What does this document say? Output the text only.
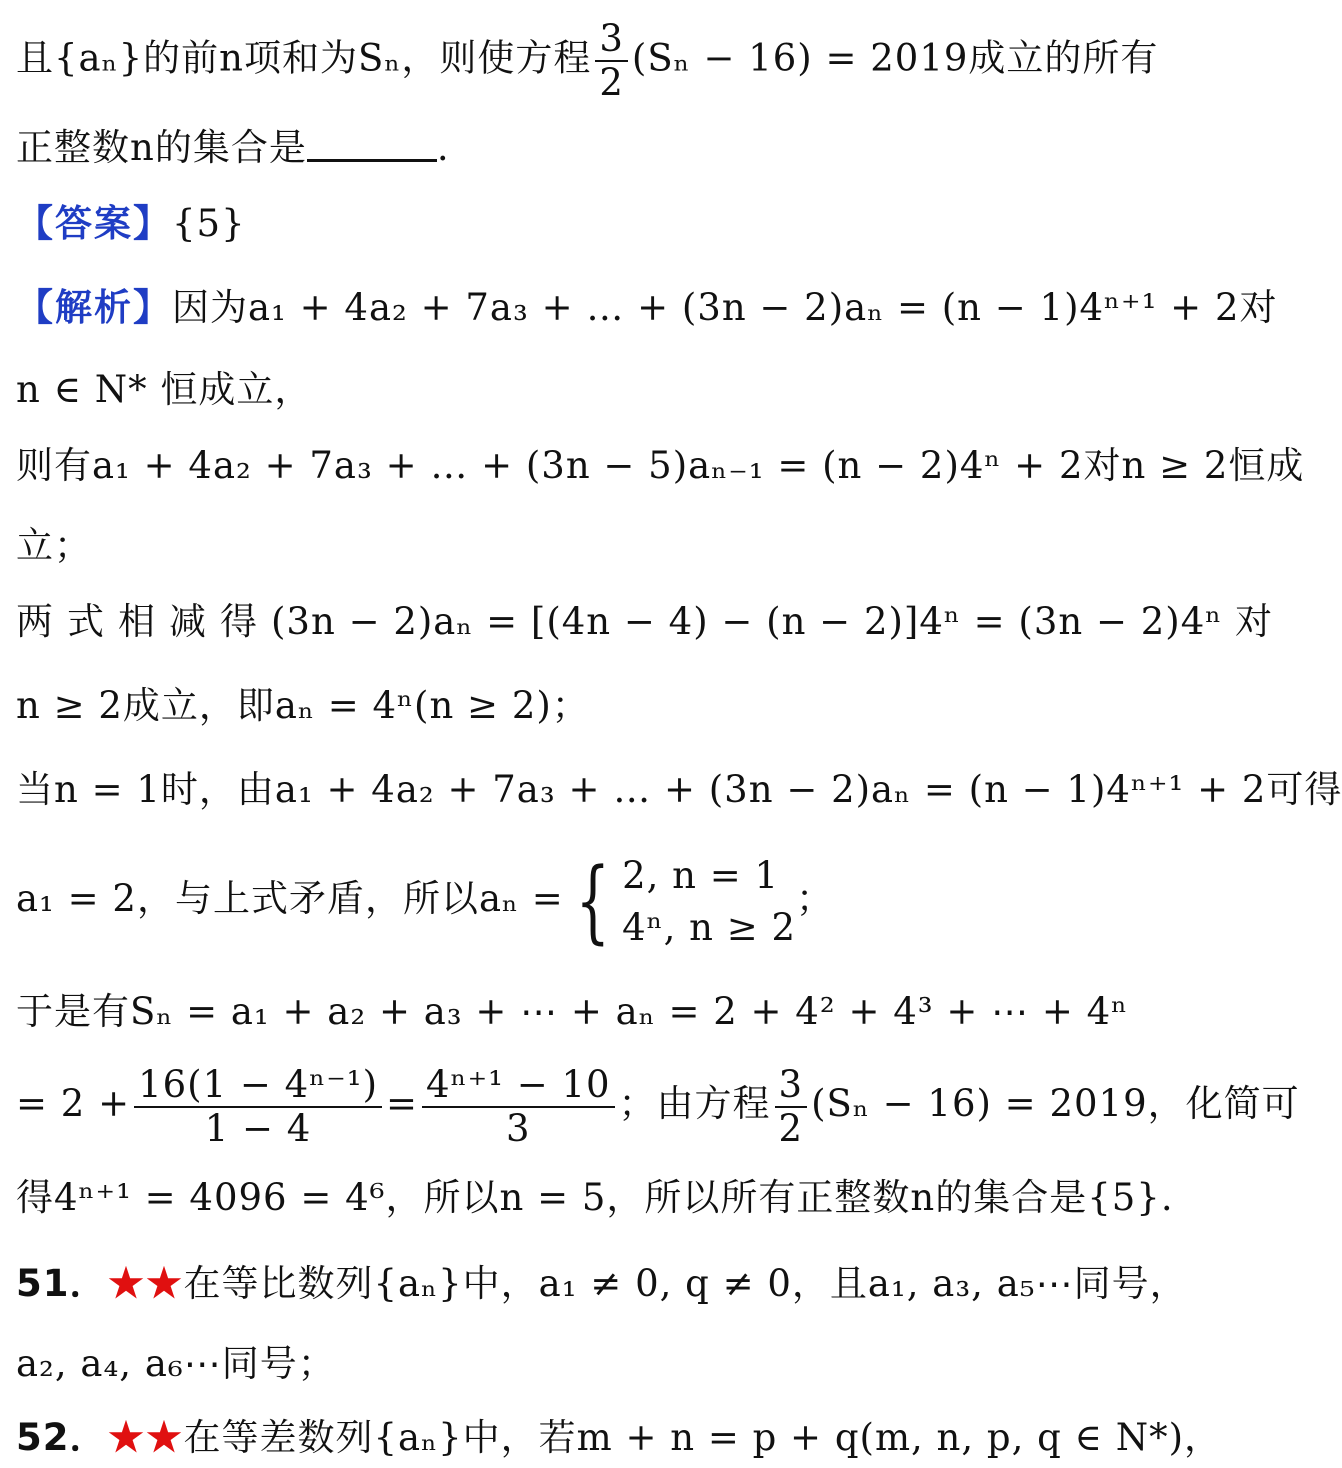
且{aₙ}的前n项和为Sₙ，则使方程 $\frac{3}{2} (S_n - 16) = 2019$成立的所有
正整数n的集合是	.
【答案】{5}
【解析】因为a₁ + 4a₂ + 7a₃ + … + (3n − 2)aₙ = (n − 1)4ⁿ⁺¹ + 2对
n ∈ N* 恒成立，
则有a₁ + 4a₂ + 7a₃ + … + (3n − 5)aₙ₋₁ = (n − 2)4ⁿ + 2对n ≥ 2恒成
立；
两式相减得(3n − 2)aₙ = [(4n − 4) − (n − 2)]4ⁿ = (3n − 2)4ⁿ 对
n ≥ 2成立，即aₙ = 4ⁿ(n ≥ 2)；
当n = 1时，由a₁ + 4a₂ + 7a₃ + … + (3n − 2)aₙ = (n − 1)4ⁿ⁺¹ + 2可得
a₁ = 2，与上式矛盾，所以aₙ = { 2, n = 1
4ⁿ, n ≥ 2
；
于是有Sₙ = a₁ + a₂ + a₃ + ⋯ + aₙ = 2 + 4² + 4³ + ⋯ + 4ⁿ
= $2 + \frac{\text{16(1 − 4ⁿ⁻¹)}}{1 - 4} = \frac{\text{4ⁿ⁺¹ − 10}}{3}$ ；由方程 $\frac{3}{2} (S_n - 16) = 2019$，化简可
得4ⁿ⁺¹ = 4096 = 4⁶，所以n = 5，所以所有正整数n的集合是{5}.
51．★★在等比数列{aₙ}中，a₁ ≠ 0, q ≠ 0，且a₁, a₃, a₅⋯同号，
a₂, a₄, a₆⋯同号；
52．★★在等差数列{aₙ}中，若m + n = p + q(m, n, p, q ∈ N*)，
